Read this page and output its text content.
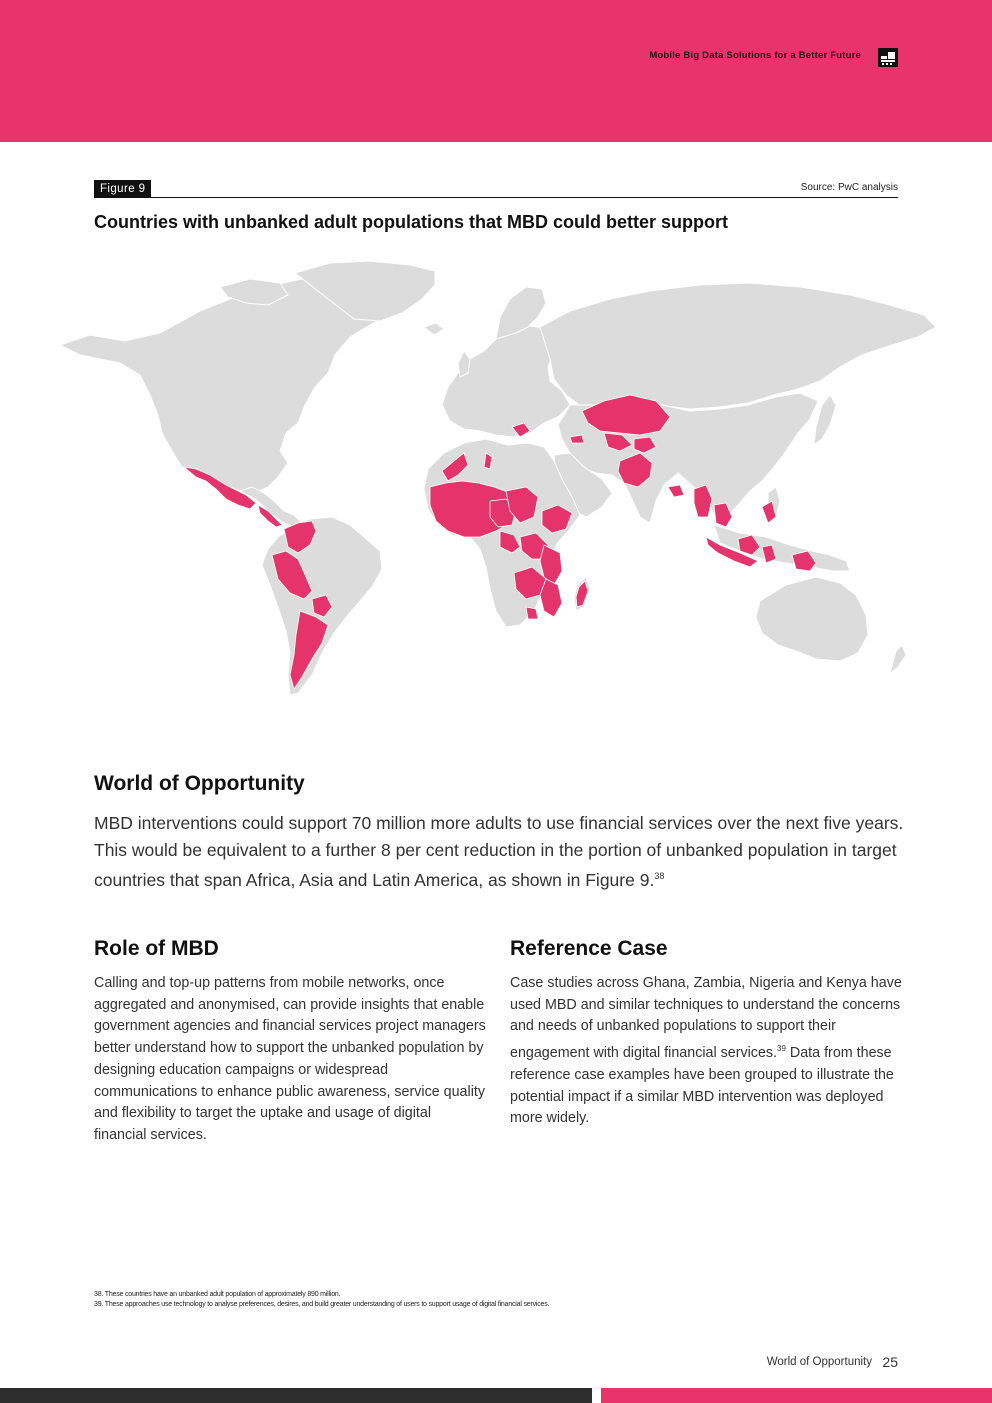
Mobile Big Data Solutions for a Better Future
Figure 9	Source: PwC analysis
Countries with unbanked adult populations that MBD could better support
World of Opportunity
MBD interventions could support 70 million more adults to use financial services over the next five years. This would be equivalent to a further 8 per cent reduction in the portion of unbanked population in target countries that span Africa, Asia and Latin America, as shown in Figure 9.38
Role of MBD
Calling and top-up patterns from mobile networks, once aggregated and anonymised, can provide insights that enable government agencies and financial services project managers better understand how to support the unbanked population by designing education campaigns or widespread communications to enhance public awareness, service quality and flexibility to target the uptake and usage of digital financial services.
Reference Case
Case studies across Ghana, Zambia, Nigeria and Kenya have used MBD and similar techniques to understand the concerns and needs of unbanked populations to support their engagement with digital financial services.$^{39}$ Data from these reference case examples have been grouped to illustrate the potential impact if a similar MBD intervention was deployed more widely.
38. These countries have an unbanked adult population of approximately 890 million.
39. These approaches use technology to analyse preferences, desires, and build greater understanding of users to support usage of digital financial services.
World of Opportunity 25
